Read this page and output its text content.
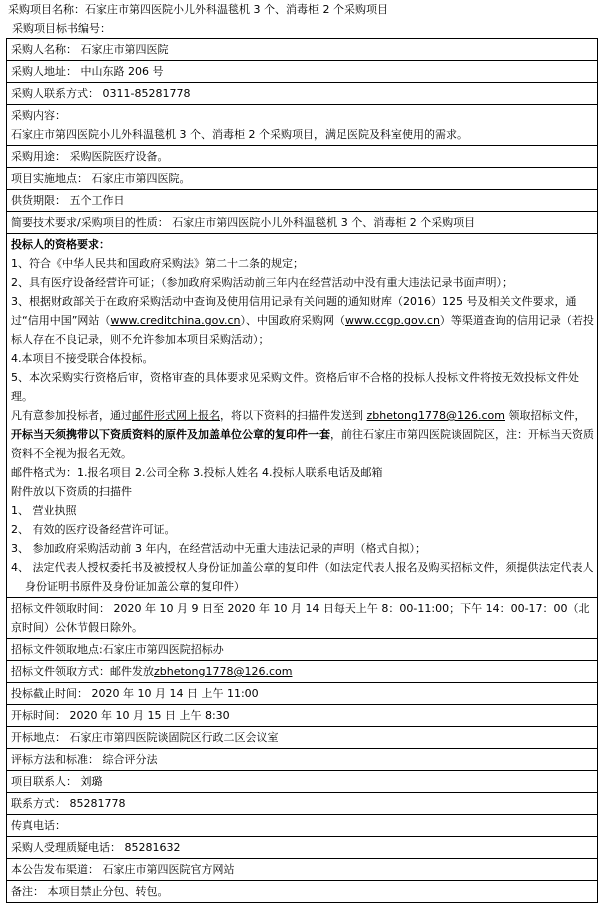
采购项目名称：石家庄市第四医院小儿外科温毯机 3 个、消毒柜 2 个采购项目
采购项目标书编号：
采购人名称： 石家庄市第四医院
采购人地址： 中山东路 206 号
采购人联系方式： 0311-85281778

采购内容：
石家庄市第四医院小儿外科温毯机 3 个、消毒柜 2 个采购项目，满足医院及科室使用的需求。

采购用途： 采购医院医疗设备。
项目实施地点： 石家庄市第四医院。
供货期限： 五个工作日
简要技术要求/采购项目的性质： 石家庄市第四医院小儿外科温毯机 3 个、消毒柜 2 个采购项目

投标人的资格要求：
1、符合《中华人民共和国政府采购法》第二十二条的规定；
2、具有医疗设备经营许可证；（参加政府采购活动前三年内在经营活动中没有重大违法记录书面声明）；
3、根据财政部关于在政府采购活动中查询及使用信用记录有关问题的通知财库（2016）125 号及相关文件要求，通过“信用中国”网站（www.creditchina.gov.cn）、中国政府采购网（www.ccgp.gov.cn）等渠道查询的信用记录（若投标人存在不良记录，则不允许参加本项目采购活动）；
4.本项目不接受联合体投标。
5、本次采购实行资格后审，资格审查的具体要求见采购文件。资格后审不合格的投标人投标文件将按无效投标文件处理。
凡有意参加投标者，通过邮件形式网上报名，将以下资料的扫描件发送到 zbhetong1778@126.com 领取招标文件，开标当天须携带以下资质资料的原件及加盖单位公章的复印件一套，前往石家庄市第四医院谈固院区，注：开标当天资质资料不全视为报名无效。
邮件格式为：1.报名项目 2.公司全称 3.投标人姓名 4.投标人联系电话及邮箱
附件放以下资质的扫描件
1、 营业执照
2、 有效的医疗设备经营许可证。
3、 参加政府采购活动前 3 年内，在经营活动中无重大违法记录的声明（格式自拟）；
4、 法定代表人授权委托书及被授权人身份证加盖公章的复印件（如法定代表人报名及购买招标文件，须提供法定代表人身份证明书原件及身份证加盖公章的复印件）

招标文件领取时间： 2020 年 10 月 9 日至 2020 年 10 月 14 日每天上午 8：00-11:00；下午 14：00-17：00（北京时间）公休节假日除外。
招标文件领取地点:石家庄市第四医院招标办
招标文件领取方式：邮件发放zbhetong1778@126.com
投标截止时间： 2020 年 10 月 14 日 上午 11:00
开标时间： 2020 年 10 月 15 日 上午 8:30
开标地点： 石家庄市第四医院谈固院区行政二区会议室
评标方法和标准： 综合评分法
项目联系人： 刘璐
联系方式： 85281778
传真电话：
采购人受理质疑电话： 85281632
本公告发布渠道： 石家庄市第四医院官方网站
备注： 本项目禁止分包、转包。
